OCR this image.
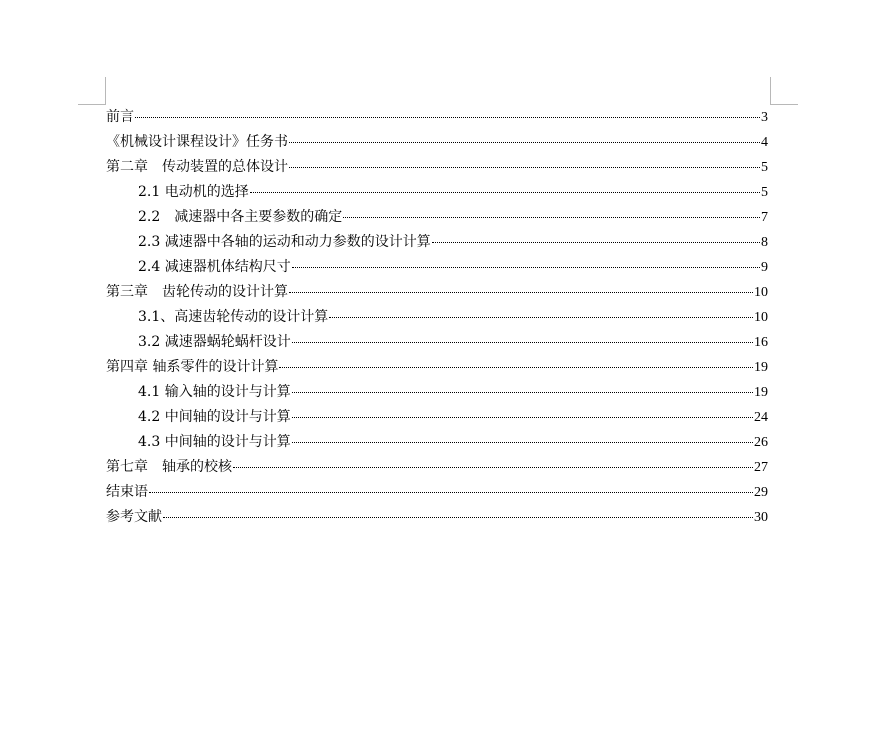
前言	3
《机械设计课程设计》任务书	4
第二章　传动装置的总体设计	5
2.1 电动机的选择	5
2.2　减速器中各主要参数的确定	7
2.3 减速器中各轴的运动和动力参数的设计计算	8
2.4 减速器机体结构尺寸	9
第三章　齿轮传动的设计计算	10
3.1、高速齿轮传动的设计计算	10
3.2 减速器蜗轮蜗杆设计	16
第四章 轴系零件的设计计算	19
4.1 输入轴的设计与计算	19
4.2 中间轴的设计与计算	24
4.3 中间轴的设计与计算	26
第七章　轴承的校核	27
结束语	29
参考文献	30
